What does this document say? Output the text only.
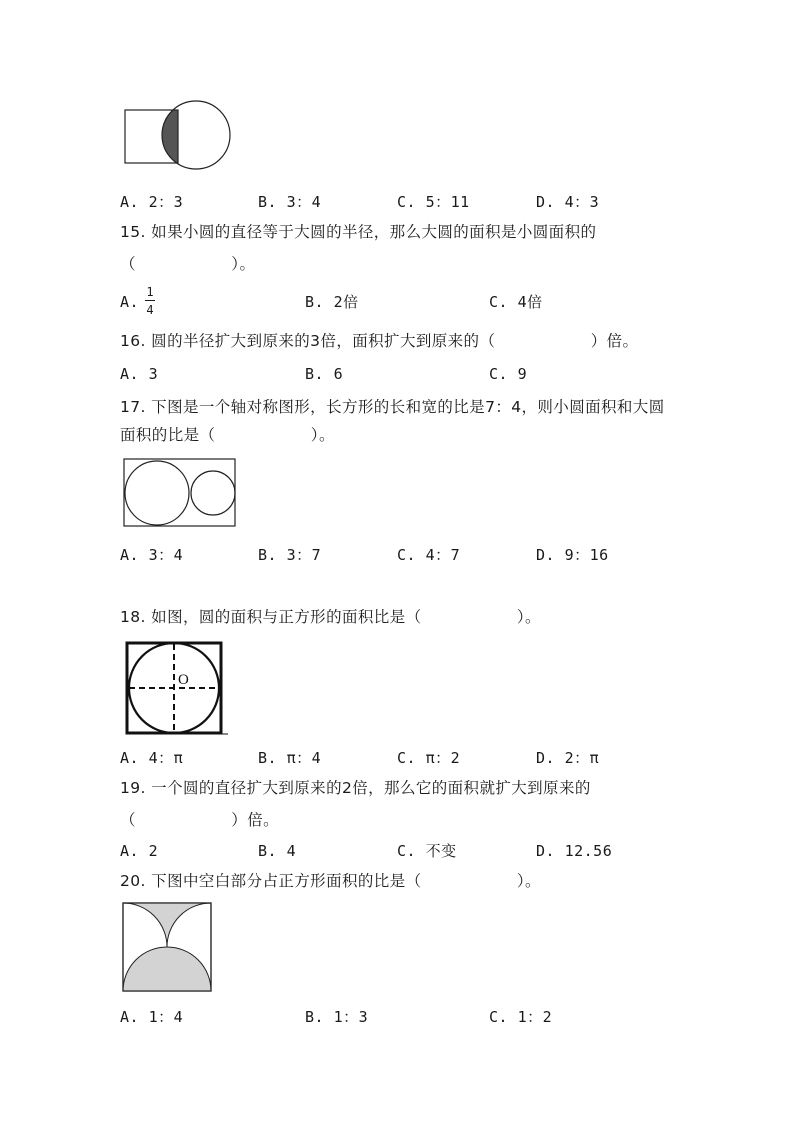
A. 2：3	B. 3：4	C. 5：11	D. 4：3
15. 如果小圆的直径等于大圆的半径，那么大圆的面积是小圆面积的
（　　　　　　）。
A.
1
4	B. 2倍	C. 4倍
16. 圆的半径扩大到原来的3倍，面积扩大到原来的（　　　　　　）倍。
A. 3	B. 6	C. 9
17. 下图是一个轴对称图形，长方形的长和宽的比是7：4，则小圆面积和大圆
面积的比是（　　　　　　）。
A. 3：4	B. 3：7	C. 4：7	D. 9：16
18. 如图，圆的面积与正方形的面积比是（　　　　　　）。
O
A. 4：π	B. π：4	C. π：2	D. 2：π
19. 一个圆的直径扩大到原来的2倍，那么它的面积就扩大到原来的
（　　　　　　）倍。
A. 2	B. 4	C. 不变	D. 12.56
20. 下图中空白部分占正方形面积的比是（　　　　　　）。
A. 1：4	B. 1：3	C. 1：2
